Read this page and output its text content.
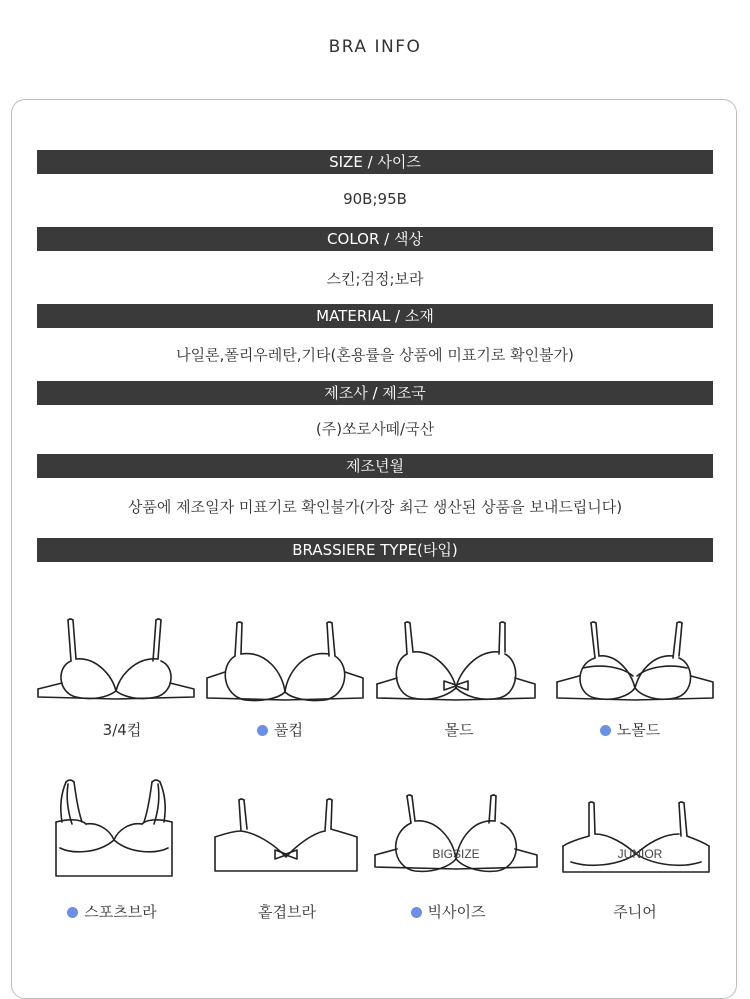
BRA INFO
SIZE / 사이즈
90B;95B
COLOR / 색상
스킨;검정;보라
MATERIAL / 소재
나일론,폴리우레탄,기타(혼용률을 상품에 미표기로 확인불가)
제조사 / 제조국
(주)쏘로사떼/국산
제조년월
상품에 제조일자 미표기로 확인불가(가장 최근 생산된 상품을 보내드립니다)
BRASSIERE TYPE(타입)
BIGSIZE	JUNIOR
3/4컵	풀컵	몰드	노몰드
스포츠브라	홑겹브라	빅사이즈	주니어
